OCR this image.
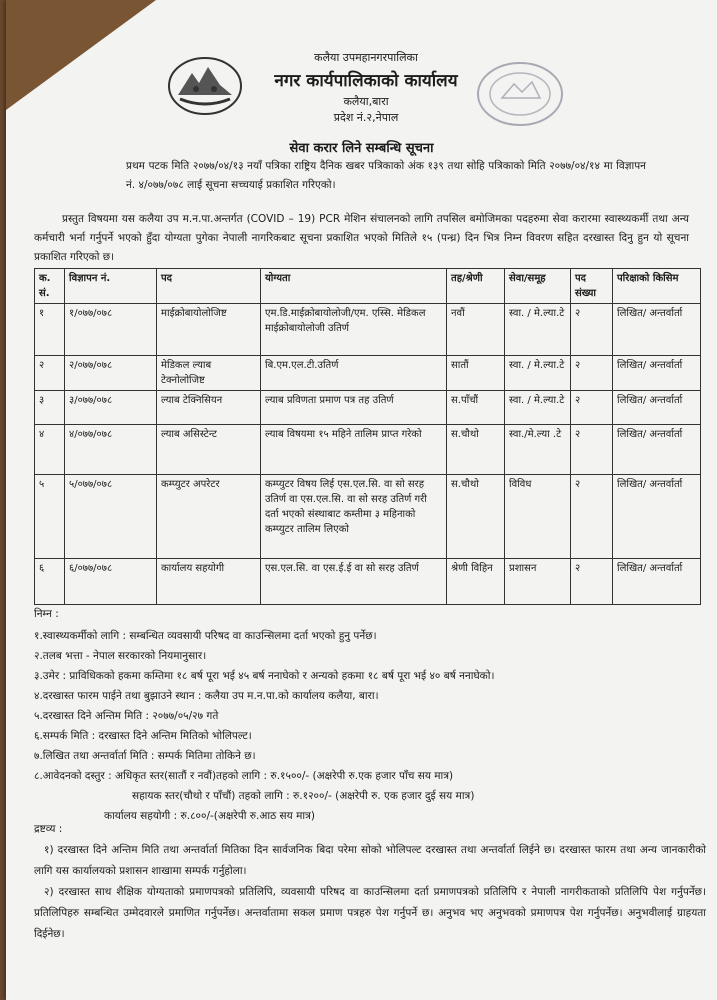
कलैया उपमहानगरपालिका
नगर कार्यपालिकाको कार्यालय
कलैया,बारा
प्रदेश नं.२,नेपाल
सेवा करार लिने सम्बन्धि सूचना
प्रथम पटक मिति २०७७/०४/१३ नयाँ पत्रिका राष्ट्रिय दैनिक खबर पत्रिकाको अंक १३९ तथा सोहि पत्रिकाको मिति २०७७/०४/१४ मा विज्ञापन नं. ४/०७७/०७८ लाई सूचना सच्चयाई प्रकाशित गरिएको।
प्रस्तुत विषयमा यस कलैया उप म.न.पा.अन्तर्गत (COVID – 19) PCR मेशिन संचालनको लागि तपसिल बमोजिमका पदहरुमा सेवा करारमा स्वास्थ्यकर्मी तथा अन्य कर्मचारी भर्ना गर्नुपर्ने भएको हुँदा योग्यता पुगेका नेपाली नागरिकबाट सूचना प्रकाशित भएको मितिले १५ (पन्ध्र) दिन भित्र निम्न विवरण सहित दरखास्त दिनु हुन यो सूचना प्रकाशित गरिएको छ।
क. सं.	विज्ञापन नं.	पद	योग्यता	तह/श्रेणी	सेवा/समूह	पद संख्या	परिक्षाको किसिम
१	१/०७७/०७८	माईक्रोबायोलोजिष्ट	एम.डि.माईक्रोबायोलोजी/एम. एस्सि. मेडिकल माईक्रोबायोलोजी उतिर्ण	नवौं	स्वा. / मे.ल्या.टे	२	लिखित/ अन्तर्वार्ता
२	२/०७७/०७८	मेडिकल ल्याब टेक्नोलोजिष्ट	बि.एम.एल.टी.उतिर्ण	सातौं	स्वा. / मे.ल्या.टे	२	लिखित/ अन्तर्वार्ता
३	३/०७७/०७८	ल्याब टेक्निसियन	ल्याब प्रविणता प्रमाण पत्र तह उतिर्ण	स.पाँचौं	स्वा. / मे.ल्या.टे	२	लिखित/ अन्तर्वार्ता
४	४/०७७/०७८	ल्याब असिस्टेन्ट	ल्याब विषयमा १५ महिने तालिम प्राप्त गरेको	स.चौथो	स्वा./मे.ल्या .टे	२	लिखित/ अन्तर्वार्ता
५	५/०७७/०७८	कम्प्युटर अपरेटर	कम्प्युटर विषय लिई एस.एल.सि. वा सो सरह उतिर्ण वा एस.एल.सि. वा सो सरह उतिर्ण गरी दर्ता भएको संस्थाबाट कम्तीमा ३ महिनाको कम्प्युटर तालिम लिएको	स.चौथो	विविध	२	लिखित/ अन्तर्वार्ता
६	६/०७७/०७८	कार्यालय सहयोगी	एस.एल.सि. वा एस.ई.ई वा सो सरह उतिर्ण	श्रेणी विहिन	प्रशासन	२	लिखित/ अन्तर्वार्ता
निम्न :
१.स्वास्थ्यकर्मीको लागि : सम्बन्धित व्यवसायी परिषद वा काउन्सिलमा दर्ता भएको हुनु पर्नेछ।
२.तलब भत्ता - नेपाल सरकारको नियमानुसार।
३.उमेर : प्राविधिकको हकमा कम्तिमा १८ बर्ष पूरा भई ४५ बर्ष ननाघेको र अन्यको हकमा १८ बर्ष पूरा भई ४० बर्ष ननाघेको।
४.दरखास्त फारम पाईने तथा बुझाउने स्थान : कलैया उप म.न.पा.को कार्यालय कलैया, बारा।
५.दरखास्त दिने अन्तिम मिति : २०७७/०५/२७ गते
६.सम्पर्क मिति : दरखास्त दिने अन्तिम मितिको भोलिपल्ट।
७.लिखित तथा अन्तर्वार्ता मिति : सम्पर्क मितिमा तोकिने छ।
८.आवेदनको दस्तुर : अधिकृत स्तर(सातौं र नवौं)तहको लागि : रु.१५००/- (अक्षरेपी रु.एक हजार पाँच सय मात्र)
सहायक स्तर(चौथो र पाँचौं) तहको लागि : रु.१२००/- (अक्षरेपी रु. एक हजार दुई सय मात्र)
कार्यालय सहयोगी : रु.८००/-(अक्षरेपी रु.आठ सय मात्र)
द्रष्टव्य :

१) दरखास्त दिने अन्तिम मिति तथा अन्तर्वार्ता मितिका दिन सार्वजनिक बिदा परेमा सोको भोलिपल्ट दरखास्त तथा अन्तर्वार्ता लिईने छ। दरखास्त फारम तथा अन्य जानकारीको लागि यस कार्यालयको प्रशासन शाखामा सम्पर्क गर्नुहोला।

२) दरखास्त साथ शैक्षिक योग्यताको प्रमाणपत्रको प्रतिलिपि, व्यवसायी परिषद वा काउन्सिलमा दर्ता प्रमाणपत्रको प्रतिलिपि र नेपाली नागरीकताको प्रतिलिपि पेश गर्नुपर्नेछ। प्रतिलिपिहरु सम्बन्धित उम्मेदवारले प्रमाणित गर्नुपर्नेछ। अन्तर्वातामा सकल प्रमाण पत्रहरु पेश गर्नुपर्ने छ। अनुभव भए अनुभवको प्रमाणपत्र पेश गर्नुपर्नेछ। अनुभवीलाई ग्राहयता दिईनेछ।
